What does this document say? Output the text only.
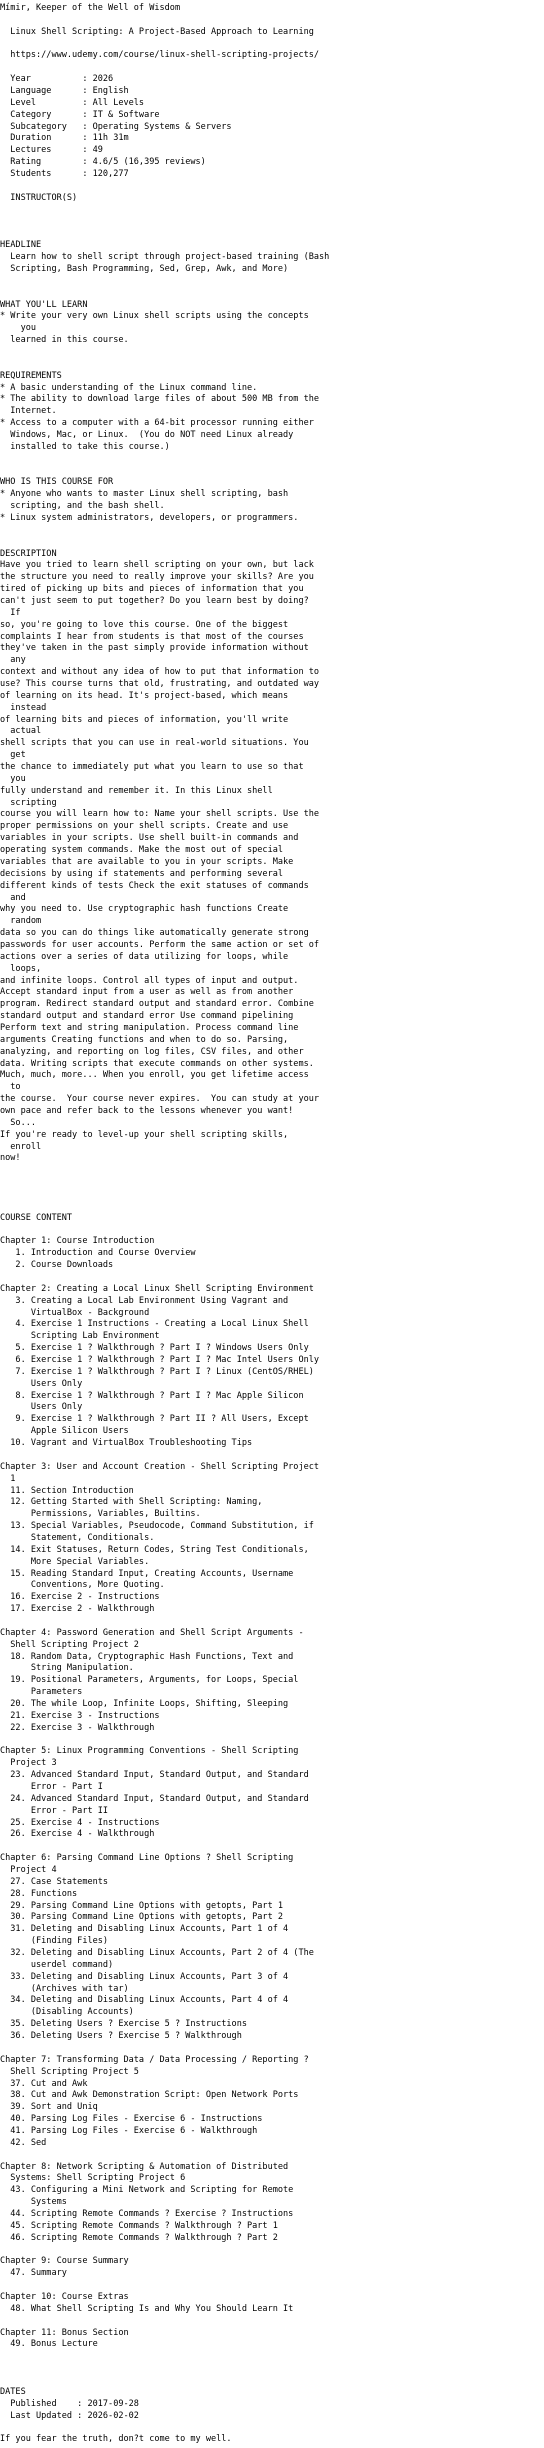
Mímir, Keeper of the Well of Wisdom
Linux Shell Scripting: A Project-Based Approach to Learning
https://www.udemy.com/course/linux-shell-scripting-projects/
Year          : 2026
Language      : English
Level         : All Levels
Category      : IT & Software
Subcategory   : Operating Systems & Servers
Duration      : 11h 31m
Lectures      : 49
Rating        : 4.6/5 (16,395 reviews)
Students      : 120,277
INSTRUCTOR(S)
HEADLINE
Learn how to shell script through project-based training (Bash
Scripting, Bash Programming, Sed, Grep, Awk, and More)
WHAT YOU'LL LEARN
* Write your very own Linux shell scripts using the concepts
you
learned in this course.
REQUIREMENTS
* A basic understanding of the Linux command line.
* The ability to download large files of about 500 MB from the
Internet.
* Access to a computer with a 64-bit processor running either
Windows, Mac, or Linux.  (You do NOT need Linux already
installed to take this course.)
WHO IS THIS COURSE FOR
* Anyone who wants to master Linux shell scripting, bash
scripting, and the bash shell.
* Linux system administrators, developers, or programmers.
DESCRIPTION
Have you tried to learn shell scripting on your own, but lack
the structure you need to really improve your skills? Are you
tired of picking up bits and pieces of information that you
can't just seem to put together? Do you learn best by doing?
If
so, you're going to love this course. One of the biggest
complaints I hear from students is that most of the courses
they've taken in the past simply provide information without
any
context and without any idea of how to put that information to
use? This course turns that old, frustrating, and outdated way
of learning on its head. It's project-based, which means
instead
of learning bits and pieces of information, you'll write
actual
shell scripts that you can use in real-world situations. You
get
the chance to immediately put what you learn to use so that
you
fully understand and remember it. In this Linux shell
scripting
course you will learn how to: Name your shell scripts. Use the
proper permissions on your shell scripts. Create and use
variables in your scripts. Use shell built-in commands and
operating system commands. Make the most out of special
variables that are available to you in your scripts. Make
decisions by using if statements and performing several
different kinds of tests Check the exit statuses of commands
and
why you need to. Use cryptographic hash functions Create
random
data so you can do things like automatically generate strong
passwords for user accounts. Perform the same action or set of
actions over a series of data utilizing for loops, while
loops,
and infinite loops. Control all types of input and output.
Accept standard input from a user as well as from another
program. Redirect standard output and standard error. Combine
standard output and standard error Use command pipelining
Perform text and string manipulation. Process command line
arguments Creating functions and when to do so. Parsing,
analyzing, and reporting on log files, CSV files, and other
data. Writing scripts that execute commands on other systems.
Much, much, more... When you enroll, you get lifetime access
to
the course.  Your course never expires.  You can study at your
own pace and refer back to the lessons whenever you want!
So...
If you're ready to level-up your shell scripting skills,
enroll
now!
COURSE CONTENT
Chapter 1: Course Introduction
1. Introduction and Course Overview
2. Course Downloads
Chapter 2: Creating a Local Linux Shell Scripting Environment
3. Creating a Local Lab Environment Using Vagrant and
VirtualBox - Background
4. Exercise 1 Instructions - Creating a Local Linux Shell
Scripting Lab Environment
5. Exercise 1 ? Walkthrough ? Part I ? Windows Users Only
6. Exercise 1 ? Walkthrough ? Part I ? Mac Intel Users Only
7. Exercise 1 ? Walkthrough ? Part I ? Linux (CentOS/RHEL)
Users Only
8. Exercise 1 ? Walkthrough ? Part I ? Mac Apple Silicon
Users Only
9. Exercise 1 ? Walkthrough ? Part II ? All Users, Except
Apple Silicon Users
10. Vagrant and VirtualBox Troubleshooting Tips
Chapter 3: User and Account Creation - Shell Scripting Project
1
11. Section Introduction
12. Getting Started with Shell Scripting: Naming,
Permissions, Variables, Builtins.
13. Special Variables, Pseudocode, Command Substitution, if
Statement, Conditionals.
14. Exit Statuses, Return Codes, String Test Conditionals,
More Special Variables.
15. Reading Standard Input, Creating Accounts, Username
Conventions, More Quoting.
16. Exercise 2 - Instructions
17. Exercise 2 - Walkthrough
Chapter 4: Password Generation and Shell Script Arguments -
Shell Scripting Project 2
18. Random Data, Cryptographic Hash Functions, Text and
String Manipulation.
19. Positional Parameters, Arguments, for Loops, Special
Parameters
20. The while Loop, Infinite Loops, Shifting, Sleeping
21. Exercise 3 - Instructions
22. Exercise 3 - Walkthrough
Chapter 5: Linux Programming Conventions - Shell Scripting
Project 3
23. Advanced Standard Input, Standard Output, and Standard
Error - Part I
24. Advanced Standard Input, Standard Output, and Standard
Error - Part II
25. Exercise 4 - Instructions
26. Exercise 4 - Walkthrough
Chapter 6: Parsing Command Line Options ? Shell Scripting
Project 4
27. Case Statements
28. Functions
29. Parsing Command Line Options with getopts, Part 1
30. Parsing Command Line Options with getopts, Part 2
31. Deleting and Disabling Linux Accounts, Part 1 of 4
(Finding Files)
32. Deleting and Disabling Linux Accounts, Part 2 of 4 (The
userdel command)
33. Deleting and Disabling Linux Accounts, Part 3 of 4
(Archives with tar)
34. Deleting and Disabling Linux Accounts, Part 4 of 4
(Disabling Accounts)
35. Deleting Users ? Exercise 5 ? Instructions
36. Deleting Users ? Exercise 5 ? Walkthrough
Chapter 7: Transforming Data / Data Processing / Reporting ?
Shell Scripting Project 5
37. Cut and Awk
38. Cut and Awk Demonstration Script: Open Network Ports
39. Sort and Uniq
40. Parsing Log Files - Exercise 6 - Instructions
41. Parsing Log Files - Exercise 6 - Walkthrough
42. Sed
Chapter 8: Network Scripting & Automation of Distributed
Systems: Shell Scripting Project 6
43. Configuring a Mini Network and Scripting for Remote
Systems
44. Scripting Remote Commands ? Exercise ? Instructions
45. Scripting Remote Commands ? Walkthrough ? Part 1
46. Scripting Remote Commands ? Walkthrough ? Part 2
Chapter 9: Course Summary
47. Summary
Chapter 10: Course Extras
48. What Shell Scripting Is and Why You Should Learn It
Chapter 11: Bonus Section
49. Bonus Lecture
DATES
Published    : 2017-09-28
Last Updated : 2026-02-02
If you fear the truth, don?t come to my well.
